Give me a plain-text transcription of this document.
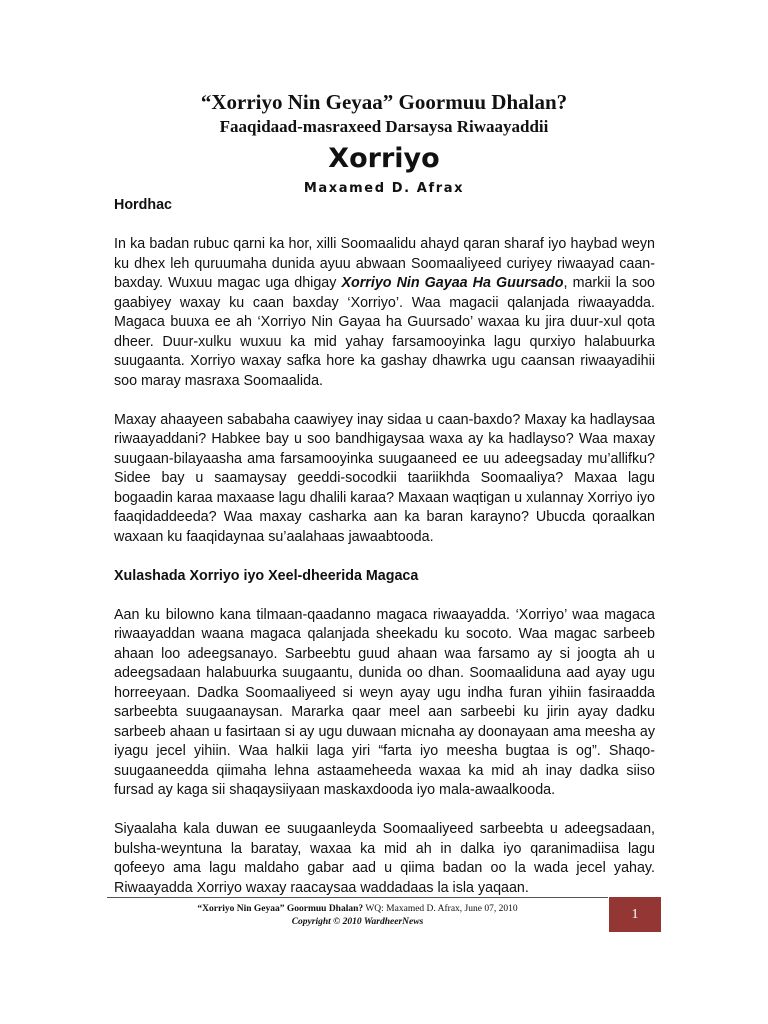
“Xorriyo Nin Geyaa” Goormuu Dhalan?
Faaqidaad-masraxeed Darsaysa Riwaayaddii
Xorriyo
Maxamed D. Afrax
Hordhac

In ka badan rubuc qarni ka hor, xilli Soomaalidu ahayd qaran sharaf iyo haybad weyn ku dhex leh quruumaha dunida ayuu abwaan Soomaaliyeed curiyey riwaayad caan-baxday. Wuxuu magac uga dhigay Xorriyo Nin Gayaa Ha Guursado, markii la soo gaabiyey waxay ku caan baxday ‘Xorriyo’. Waa magacii qalanjada riwaayadda. Magaca buuxa ee ah ‘Xorriyo Nin Gayaa ha Guursado’ waxaa ku jira duur-xul qota dheer. Duur-xulku wuxuu ka mid yahay farsamooyinka lagu qurxiyo halabuurka suugaanta. Xorriyo waxay safka hore ka gashay dhawrka ugu caansan riwaayadihii soo maray masraxa Soomaalida.

Maxay ahaayeen sababaha caawiyey inay sidaa u caan-baxdo? Maxay ka hadlaysaa riwaayaddani? Habkee bay u soo bandhigaysaa waxa ay ka hadlayso? Waa maxay suugaan-bilayaasha ama farsamooyinka suugaaneed ee uu adeegsaday mu’allifku? Sidee bay u saamaysay geeddi-socodkii taariikhda Soomaaliya? Maxaa lagu bogaadin karaa maxaase lagu dhalili karaa? Maxaan waqtigan u xulannay Xorriyo iyo faaqidaddeeda? Waa maxay casharka aan ka baran karayno? Ubucda qoraalkan waxaan ku faaqidaynaa su’aalahaas jawaabtooda.

Xulashada Xorriyo iyo Xeel-dheerida Magaca

Aan ku bilowno kana tilmaan-qaadanno magaca riwaayadda. ‘Xorriyo’ waa magaca riwaayaddan waana magaca qalanjada sheekadu ku socoto. Waa magac sarbeeb ahaan loo adeegsanayo. Sarbeebtu guud ahaan waa farsamo ay si joogta ah u adeegsadaan halabuurka suugaantu, dunida oo dhan. Soomaaliduna aad ayay ugu horreeyaan. Dadka Soomaaliyeed si weyn ayay ugu indha furan yihiin fasiraadda sarbeebta suugaanaysan. Mararka qaar meel aan sarbeebi ku jirin ayay dadku sarbeeb ahaan u fasirtaan si ay ugu duwaan micnaha ay doonayaan ama meesha ay iyagu jecel yihiin. Waa halkii laga yiri “farta iyo meesha bugtaa is og”. Shaqo-suugaaneedda qiimaha lehna astaameheeda waxaa ka mid ah inay dadka siiso fursad ay kaga sii shaqaysiiyaan maskaxdooda iyo mala-awaalkooda.

Siyaalaha kala duwan ee suugaanleyda Soomaaliyeed sarbeebta u adeegsadaan, bulsha-weyntuna la baratay, waxaa ka mid ah in dalka iyo qaranimadiisa lagu qofeeyo ama lagu maldaho gabar aad u qiima badan oo la wada jecel yahay. Riwaayadda Xorriyo waxay raacaysaa waddadaas la isla yaqaan.

“Xorriyo Nin Geyaa” Goormuu Dhalan? WQ: Maxamed D. Afrax, June 07, 2010
Copyright © 2010 WardheerNews
1
